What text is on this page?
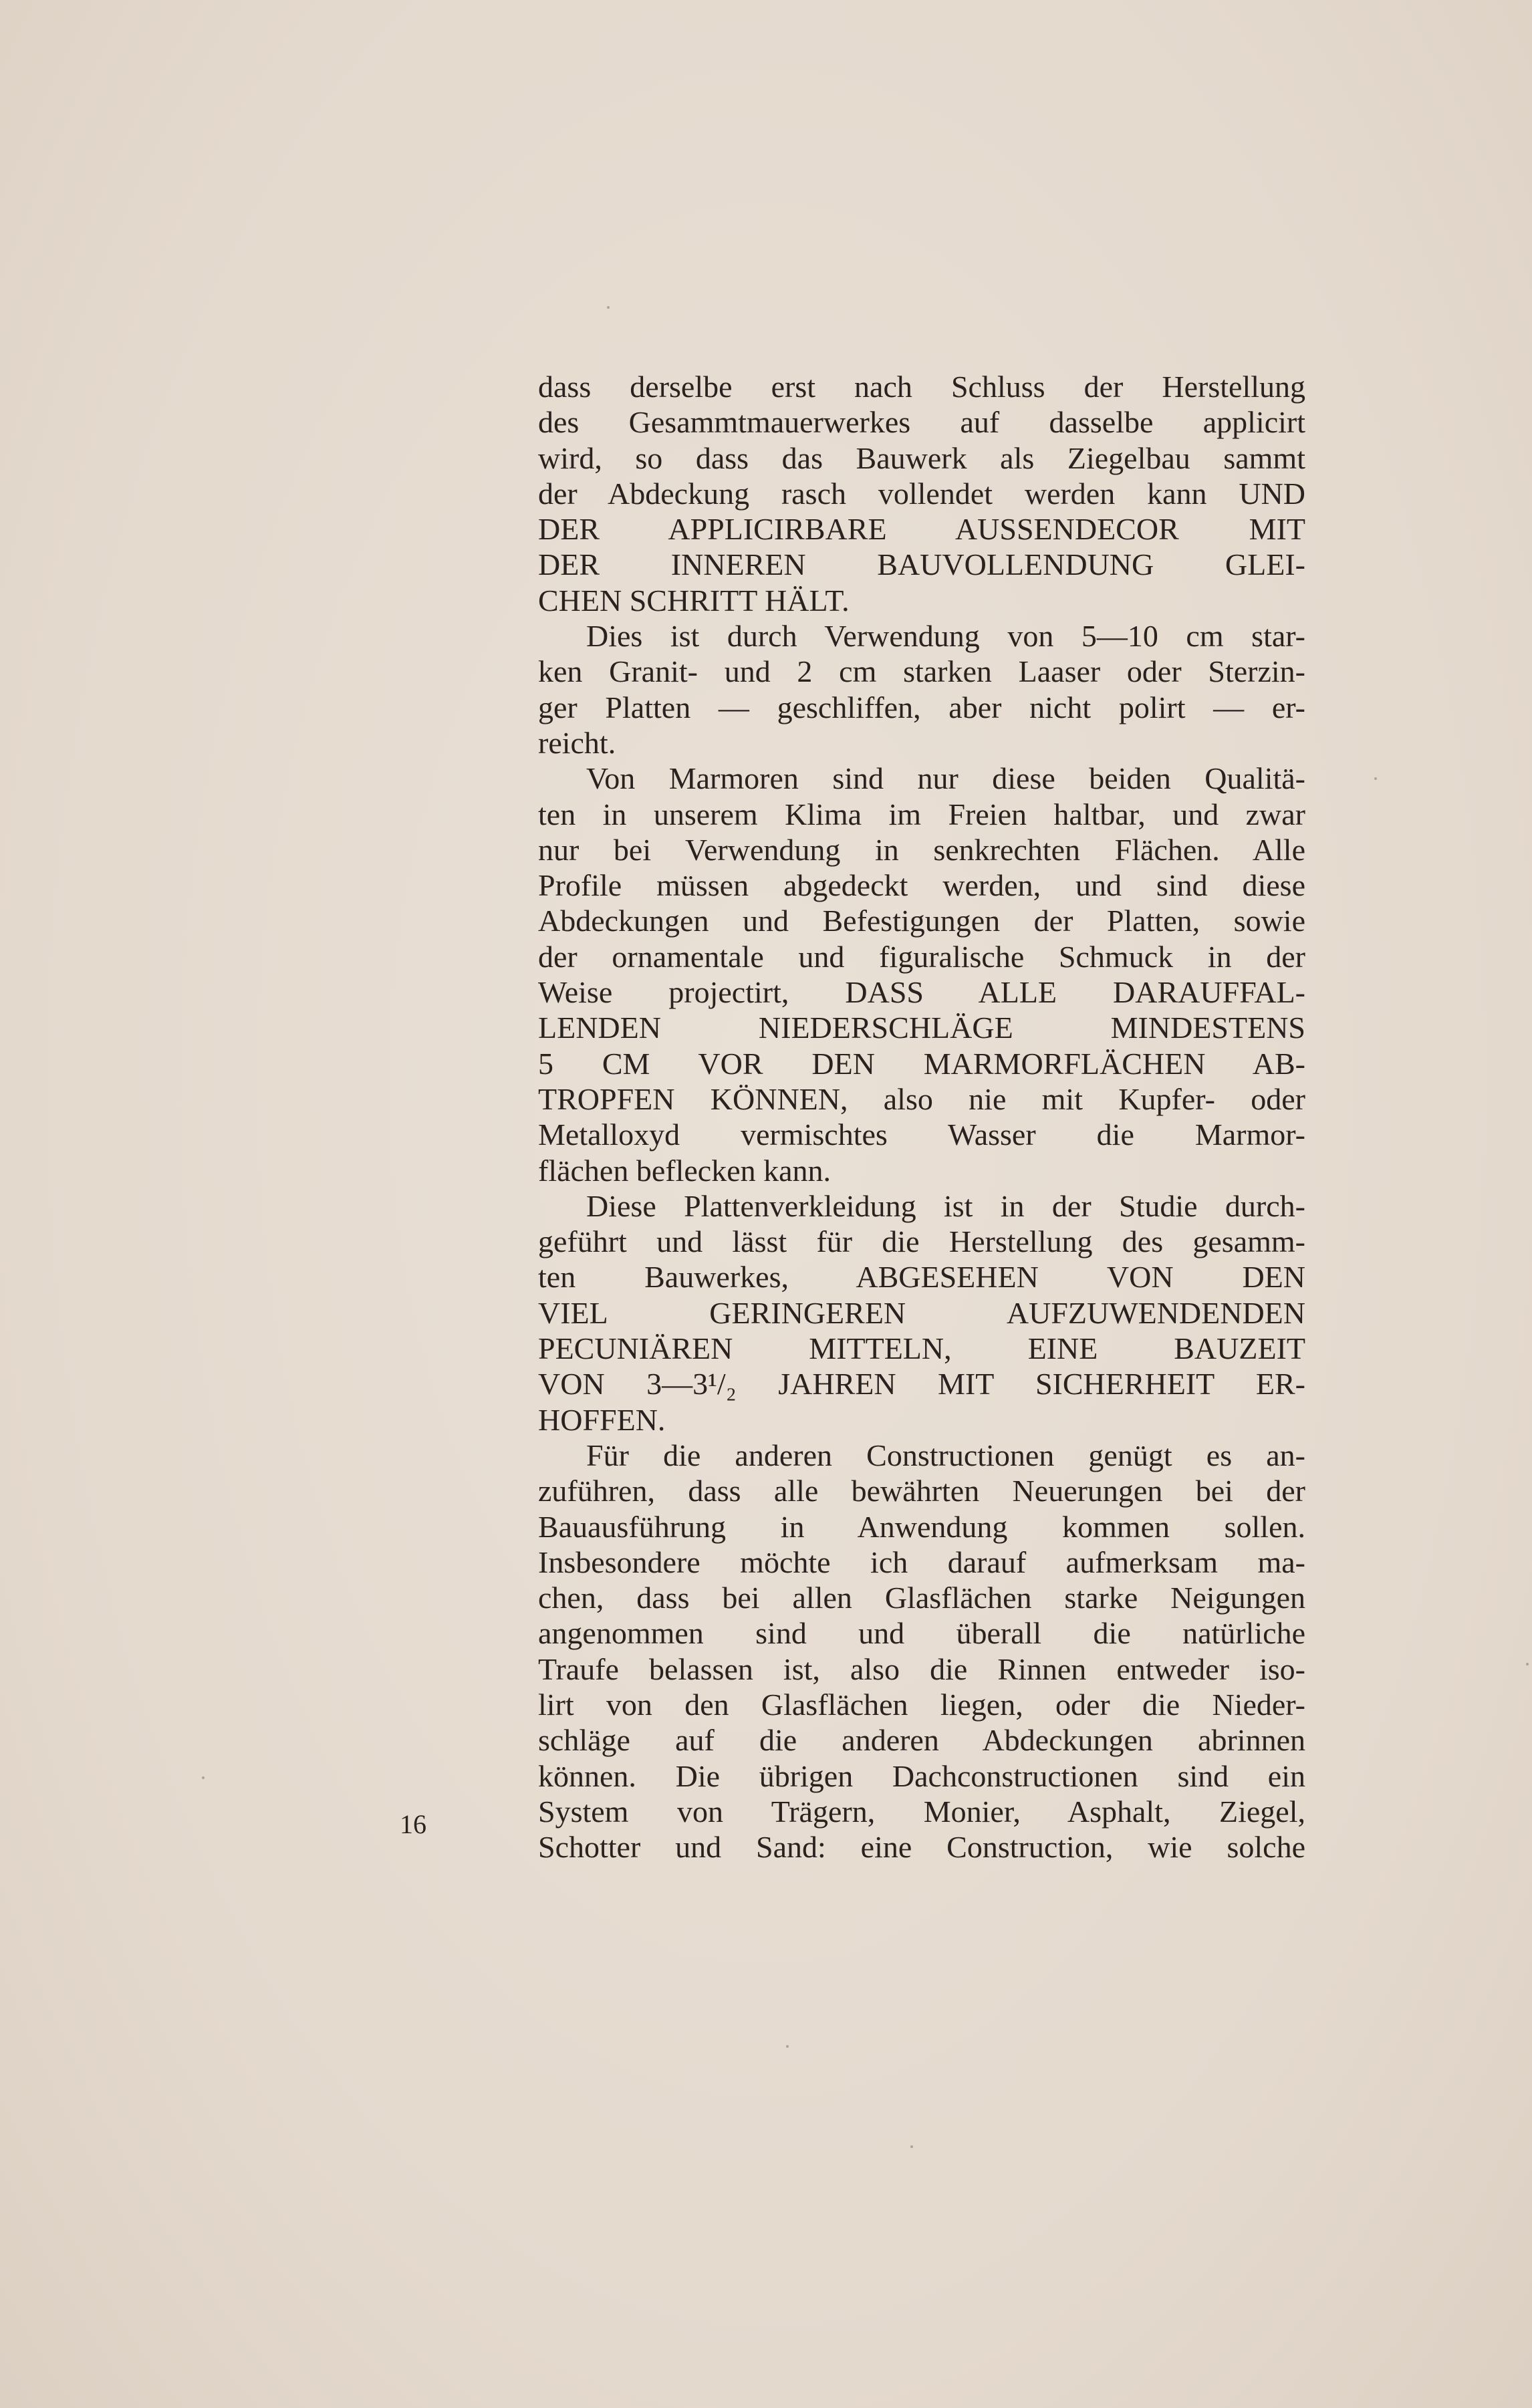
dass derselbe erst nach Schluss der Herstellung
des Gesammtmauerwerkes auf dasselbe applicirt
wird, so dass das Bauwerk als Ziegelbau sammt
der Abdeckung rasch vollendet werden kann UND
DER APPLICIRBARE AUSSENDECOR MIT
DER INNEREN BAUVOLLENDUNG GLEI-
CHEN SCHRITT HÄLT.
Dies ist durch Verwendung von 5—10 cm star-
ken Granit- und 2 cm starken Laaser oder Sterzin-
ger Platten — geschliffen, aber nicht polirt — er-
reicht.
Von Marmoren sind nur diese beiden Qualitä-
ten in unserem Klima im Freien haltbar, und zwar
nur bei Verwendung in senkrechten Flächen. Alle
Profile müssen abgedeckt werden, und sind diese
Abdeckungen und Befestigungen der Platten, sowie
der ornamentale und figuralische Schmuck in der
Weise projectirt, DASS ALLE DARAUFFAL-
LENDEN NIEDERSCHLÄGE MINDESTENS
5 CM VOR DEN MARMORFLÄCHEN AB-
TROPFEN KÖNNEN, also nie mit Kupfer- oder
Metalloxyd vermischtes Wasser die Marmor-
flächen beflecken kann.
Diese Plattenverkleidung ist in der Studie durch-
geführt und lässt für die Herstellung des gesamm-
ten Bauwerkes, ABGESEHEN VON DEN
VIEL GERINGEREN AUFZUWENDENDEN
PECUNIÄREN MITTELN, EINE BAUZEIT
VON 3—3¹/₂ JAHREN MIT SICHERHEIT ER-
HOFFEN.
Für die anderen Constructionen genügt es an-
zuführen, dass alle bewährten Neuerungen bei der
Bauausführung in Anwendung kommen sollen.
Insbesondere möchte ich darauf aufmerksam ma-
chen, dass bei allen Glasflächen starke Neigungen
angenommen sind und überall die natürliche
Traufe belassen ist, also die Rinnen entweder iso-
lirt von den Glasflächen liegen, oder die Nieder-
schläge auf die anderen Abdeckungen abrinnen
können. Die übrigen Dachconstructionen sind ein
System von Trägern, Monier, Asphalt, Ziegel,
Schotter und Sand: eine Construction, wie solche
16
